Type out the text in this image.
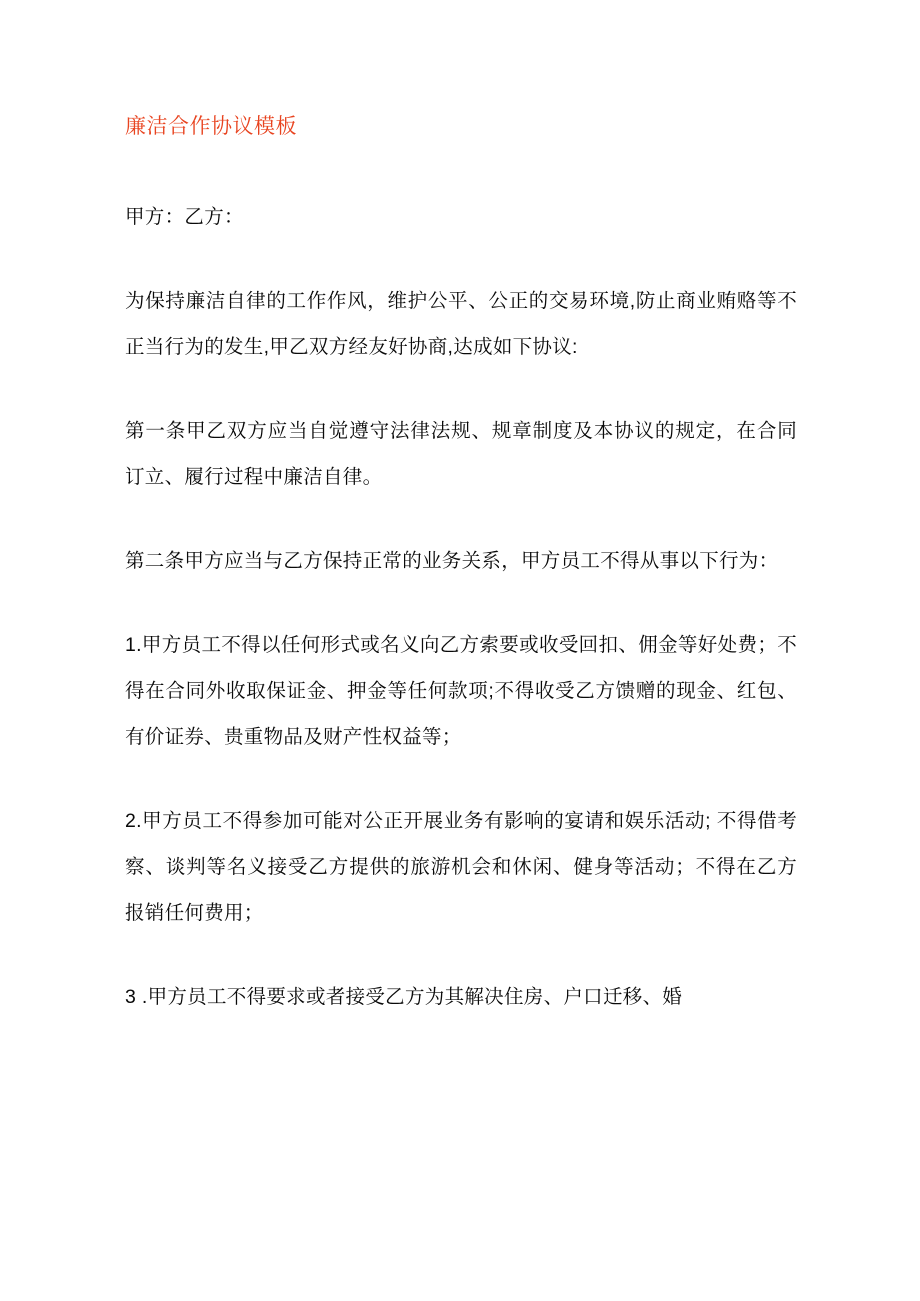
廉洁合作协议模板

甲方：乙方：

为保持廉洁自律的工作作风，维护公平、公正的交易环境,防止商业贿赂等不正当行为的发生,甲乙双方经友好协商,达成如下协议:

第一条甲乙双方应当自觉遵守法律法规、规章制度及本协议的规定，在合同订立、履行过程中廉洁自律。

第二条甲方应当与乙方保持正常的业务关系，甲方员工不得从事以下行为：

1.甲方员工不得以任何形式或名义向乙方索要或收受回扣、佣金等好处费；不得在合同外收取保证金、押金等任何款项;不得收受乙方馈赠的现金、红包、有价证券、贵重物品及财产性权益等；

2.甲方员工不得参加可能对公正开展业务有影响的宴请和娱乐活动; 不得借考察、谈判等名义接受乙方提供的旅游机会和休闲、健身等活动；不得在乙方报销任何费用；

3 .甲方员工不得要求或者接受乙方为其解决住房、户口迁移、婚
